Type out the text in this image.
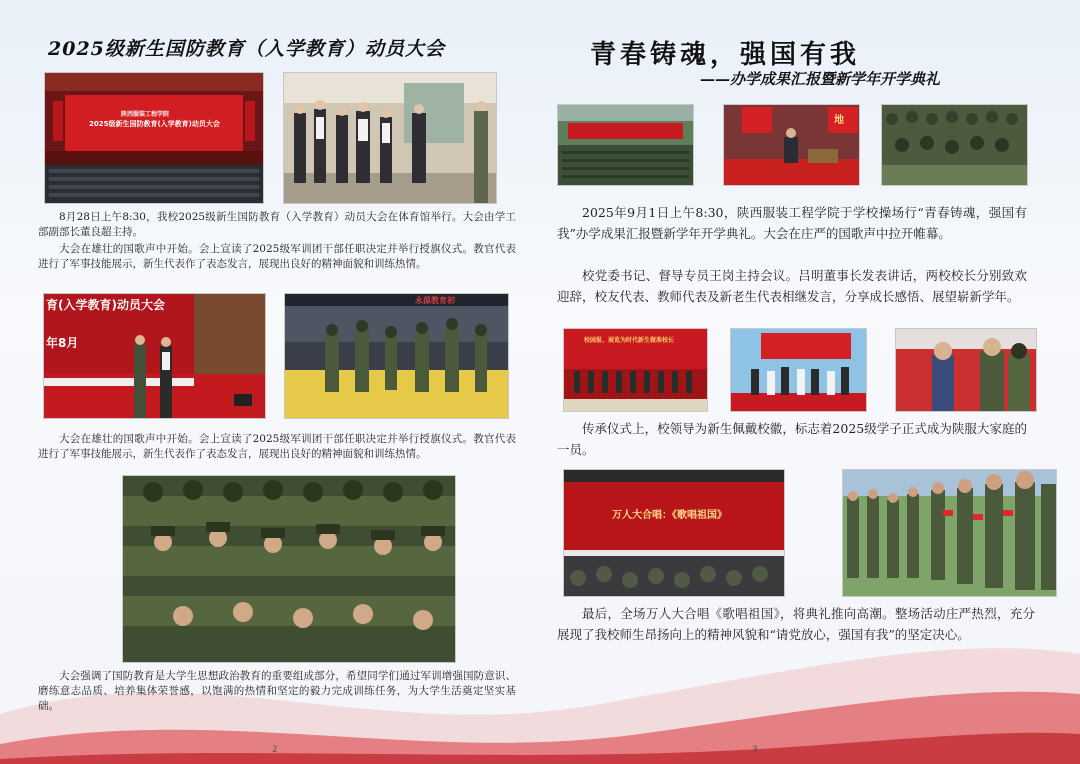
2025级新生国防教育（入学教育）动员大会
陕西服装工程学院
2025级新生国防教育(入学教育)动员大会

8月28日上午8:30，我校2025级新生国防教育（入学教育）动员大会在体育馆举行。大会由学工部副部长董良超主持。

大会在雄壮的国歌声中开始。会上宣读了2025级军训团干部任职决定并举行授旗仪式。教官代表进行了军事技能展示，新生代表作了表态发言，展现出良好的精神面貌和训练热情。

育(入学教育)动员大会
年8月
永葆教育初

大会在雄壮的国歌声中开始。会上宣读了2025级军训团干部任职决定并举行授旗仪式。教官代表进行了军事技能展示，新生代表作了表态发言，展现出良好的精神面貌和训练热情。

大会强调了国防教育是大学生思想政治教育的重要组成部分，希望同学们通过军训增强国防意识、磨练意志品质、培养集体荣誉感，以饱满的热情和坚定的毅力完成训练任务，为大学生活奠定坚实基础。

2
青春铸魂，强国有我
——办学成果汇报暨新学年开学典礼
地

2025年9月1日上午8:30，陕西服装工程学院于学校操场行“青春铸魂，强国有我”办学成果汇报暨新学年开学典礼。大会在庄严的国歌声中拉开帷幕。

校党委书记、督导专员王岗主持会议。吕明董事长发表讲话，两校校长分别致欢迎辞，校友代表、教师代表及新老生代表相继发言，分享成长感悟、展望崭新学年。

校园报、展览为时代新生做准校长

传承仪式上，校领导为新生佩戴校徽，标志着2025级学子正式成为陕服大家庭的一员。

万人大合唱：《歌唱祖国》

最后，全场万人大合唱《歌唱祖国》，将典礼推向高潮。整场活动庄严热烈，充分展现了我校师生昂扬向上的精神风貌和“请党放心，强国有我”的坚定决心。

3
